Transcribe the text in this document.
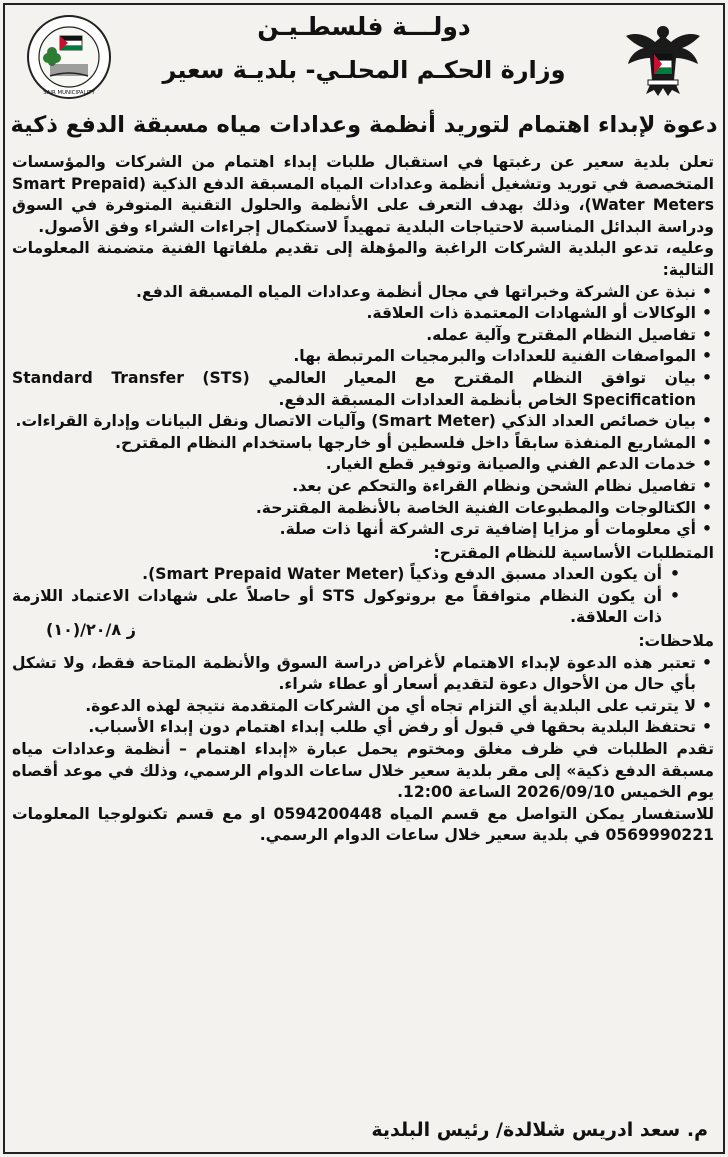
SAIR MUNICIPALITY
دولـــة فلسطـيـن
وزارة الحكـم المحلـي- بلديـة سعير
دعوة لإبداء اهتمام لتوريد أنظمة وعدادات مياه مسبقة الدفع ذكية

تعلن بلدية سعير عن رغبتها في استقبال طلبات إبداء اهتمام من الشركات والمؤسسات المتخصصة في توريد وتشغيل أنظمة وعدادات المياه المسبقة الدفع الذكية (Smart Prepaid Water Meters)، وذلك بهدف التعرف على الأنظمة والحلول التقنية المتوفرة في السوق ودراسة البدائل المناسبة لاحتياجات البلدية تمهيداً لاستكمال إجراءات الشراء وفق الأصول.

وعليه، تدعو البلدية الشركات الراغبة والمؤهلة إلى تقديم ملفاتها الفنية متضمنة المعلومات التالية:

• نبذة عن الشركة وخبراتها في مجال أنظمة وعدادات المياه المسبقة الدفع.
• الوكالات أو الشهادات المعتمدة ذات العلاقة.
• تفاصيل النظام المقترح وآلية عمله.
• المواصفات الفنية للعدادات والبرمجيات المرتبطة بها.
• بيان توافق النظام المقترح مع المعيار العالمي (STS) Standard Transfer Specification الخاص بأنظمة العدادات المسبقة الدفع.
• بيان خصائص العداد الذكي (Smart Meter) وآليات الاتصال ونقل البيانات وإدارة القراءات.
• المشاريع المنفذة سابقاً داخل فلسطين أو خارجها باستخدام النظام المقترح.
• خدمات الدعم الفني والصيانة وتوفير قطع الغيار.
• تفاصيل نظام الشحن ونظام القراءة والتحكم عن بعد.
• الكتالوجات والمطبوعات الفنية الخاصة بالأنظمة المقترحة.
• أي معلومات أو مزايا إضافية ترى الشركة أنها ذات صلة.

المتطلبات الأساسية للنظام المقترح:

• أن يكون العداد مسبق الدفع وذكياً (Smart Prepaid Water Meter).
• أن يكون النظام متوافقاً مع بروتوكول STS أو حاصلاً على شهادات الاعتماد اللازمة ذات العلاقة.

ملاحظات:

• تعتبر هذه الدعوة لإبداء الاهتمام لأغراض دراسة السوق والأنظمة المتاحة فقط، ولا تشكل بأي حال من الأحوال دعوة لتقديم أسعار أو عطاء شراء.
• لا يترتب على البلدية أي التزام تجاه أي من الشركات المتقدمة نتيجة لهذه الدعوة.
• تحتفظ البلدية بحقها في قبول أو رفض أي طلب إبداء اهتمام دون إبداء الأسباب.

تقدم الطلبات في ظرف مغلق ومختوم يحمل عبارة «إبداء اهتمام – أنظمة وعدادات مياه مسبقة الدفع ذكية» إلى مقر بلدية سعير خلال ساعات الدوام الرسمي، وذلك في موعد أقصاه يوم الخميس 2026/09/10 الساعة 12:00.

للاستفسار يمكن التواصل مع قسم المياه 0594200448 او مع قسم تكنولوجيا المعلومات 0569990221 في بلدية سعير خلال ساعات الدوام الرسمي.

ز ٢٠/٨/(١٠)
م. سعد ادريس شلالدة/ رئيس البلدية
